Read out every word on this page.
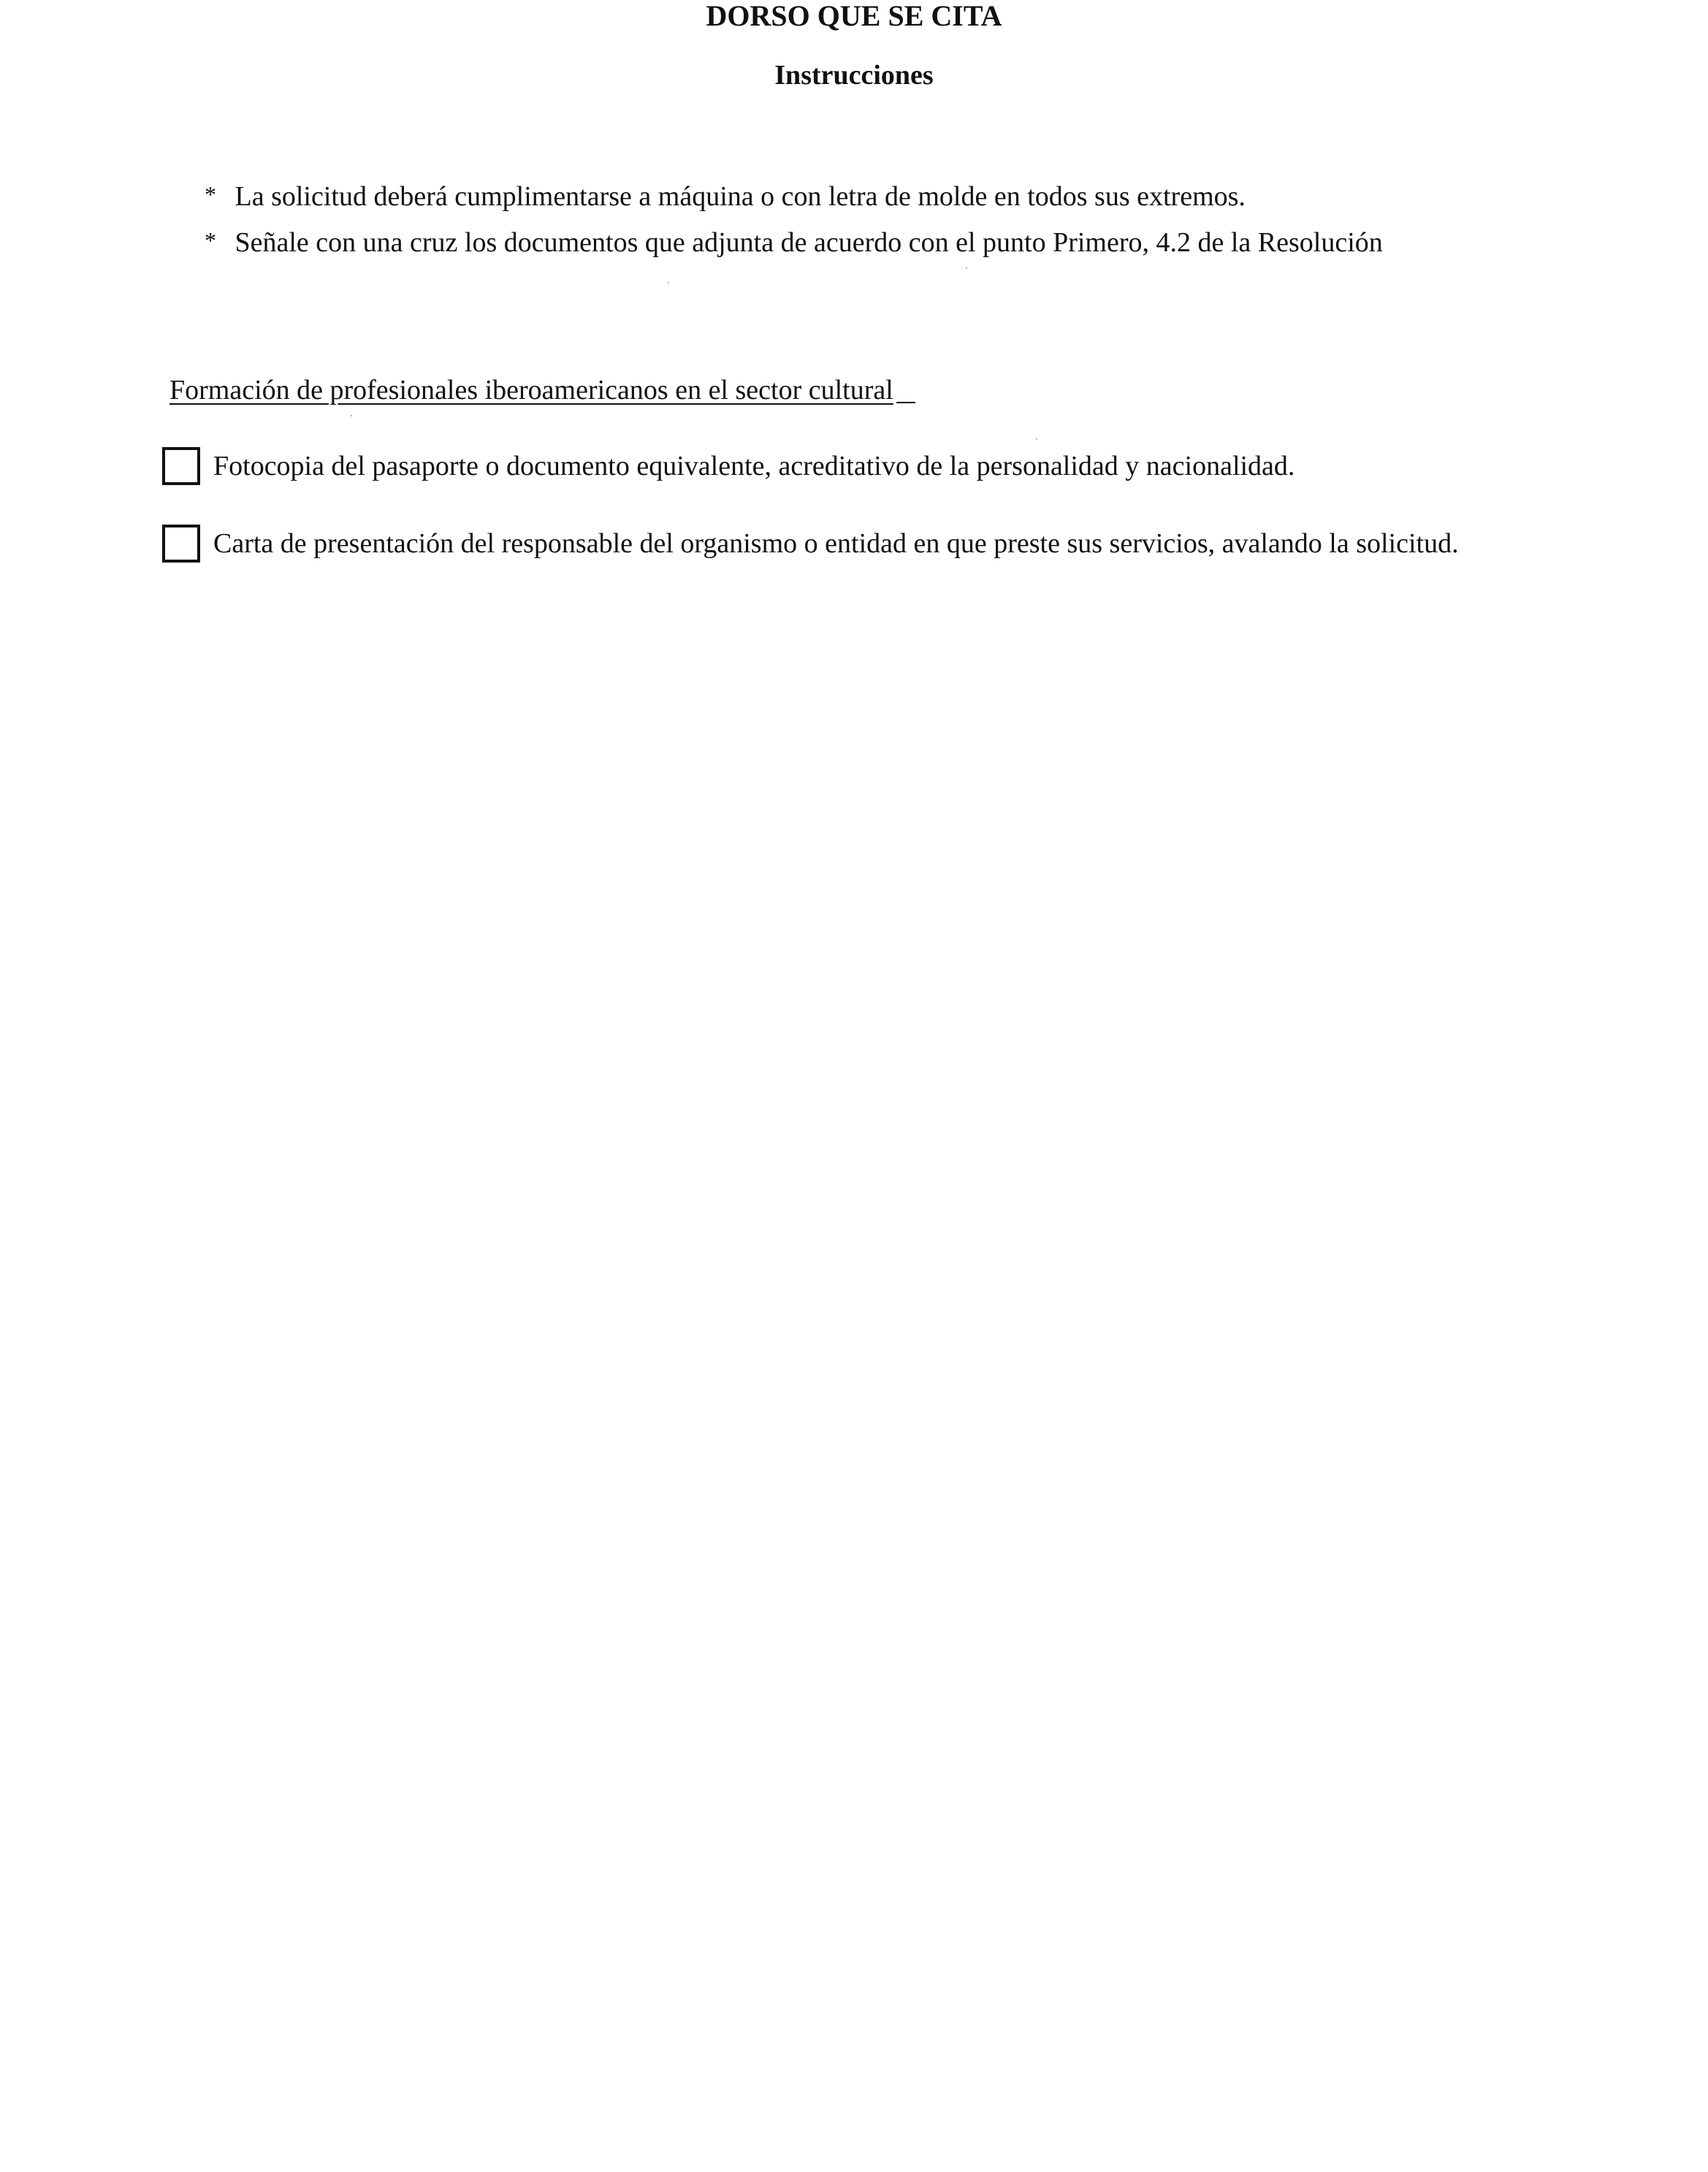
DORSO QUE SE CITA
Instrucciones
* La solicitud deberá cumplimentarse a máquina o con letra de molde en todos sus extremos.
* Señale con una cruz los documentos que adjunta de acuerdo con el punto Primero, 4.2 de la Resolución
Formación de profesionales iberoamericanos en el sector cultural
Fotocopia del pasaporte o documento equivalente, acreditativo de la personalidad y nacionalidad.
Carta de presentación del responsable del organismo o entidad en que preste sus servicios, avalando la solicitud.
